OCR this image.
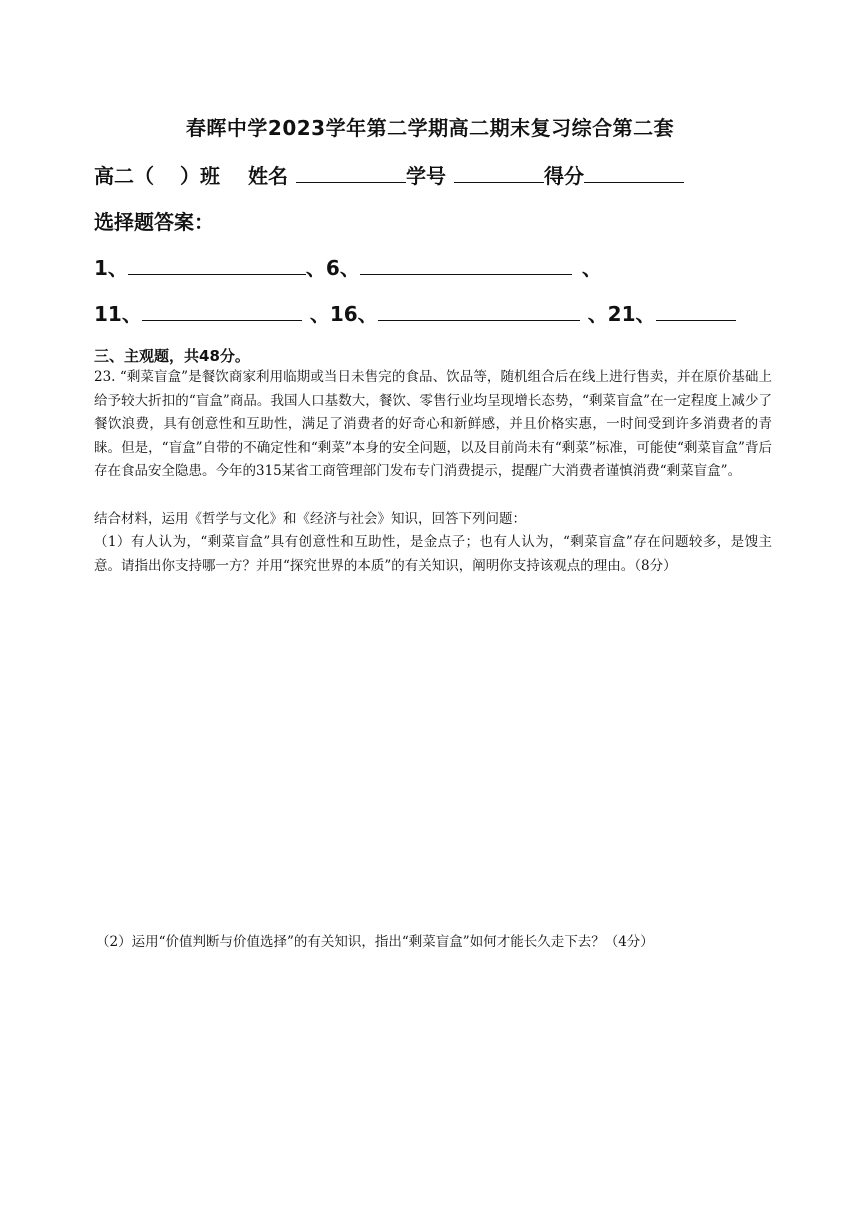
春晖中学2023学年第二学期高二期末复习综合第二套
高二（ ）班 姓名	学号	得分
选择题答案：
1、	、6、	、
11、	、16、	、21、
三、主观题，共48分。
23. “剩菜盲盒”是餐饮商家利用临期或当日未售完的食品、饮品等，随机组合后在线上进行售卖，并在原价基础上给予较大折扣的“盲盒”商品。我国人口基数大，餐饮、零售行业均呈现增长态势，“剩菜盲盒”在一定程度上减少了餐饮浪费，具有创意性和互助性，满足了消费者的好奇心和新鲜感，并且价格实惠，一时间受到许多消费者的青睐。但是，“盲盒”自带的不确定性和“剩菜”本身的安全问题，以及目前尚未有“剩菜”标准，可能使“剩菜盲盒”背后存在食品安全隐患。今年的315某省工商管理部门发布专门消费提示，提醒广大消费者谨慎消费“剩菜盲盒”。
结合材料，运用《哲学与文化》和《经济与社会》知识，回答下列问题：
（1）有人认为，“剩菜盲盒”具有创意性和互助性，是金点子；也有人认为，“剩菜盲盒”存在问题较多，是馊主意。请指出你支持哪一方？并用“探究世界的本质”的有关知识，阐明你支持该观点的理由。（8分）
（2）运用“价值判断与价值选择”的有关知识，指出“剩菜盲盒”如何才能长久走下去？（4分）
